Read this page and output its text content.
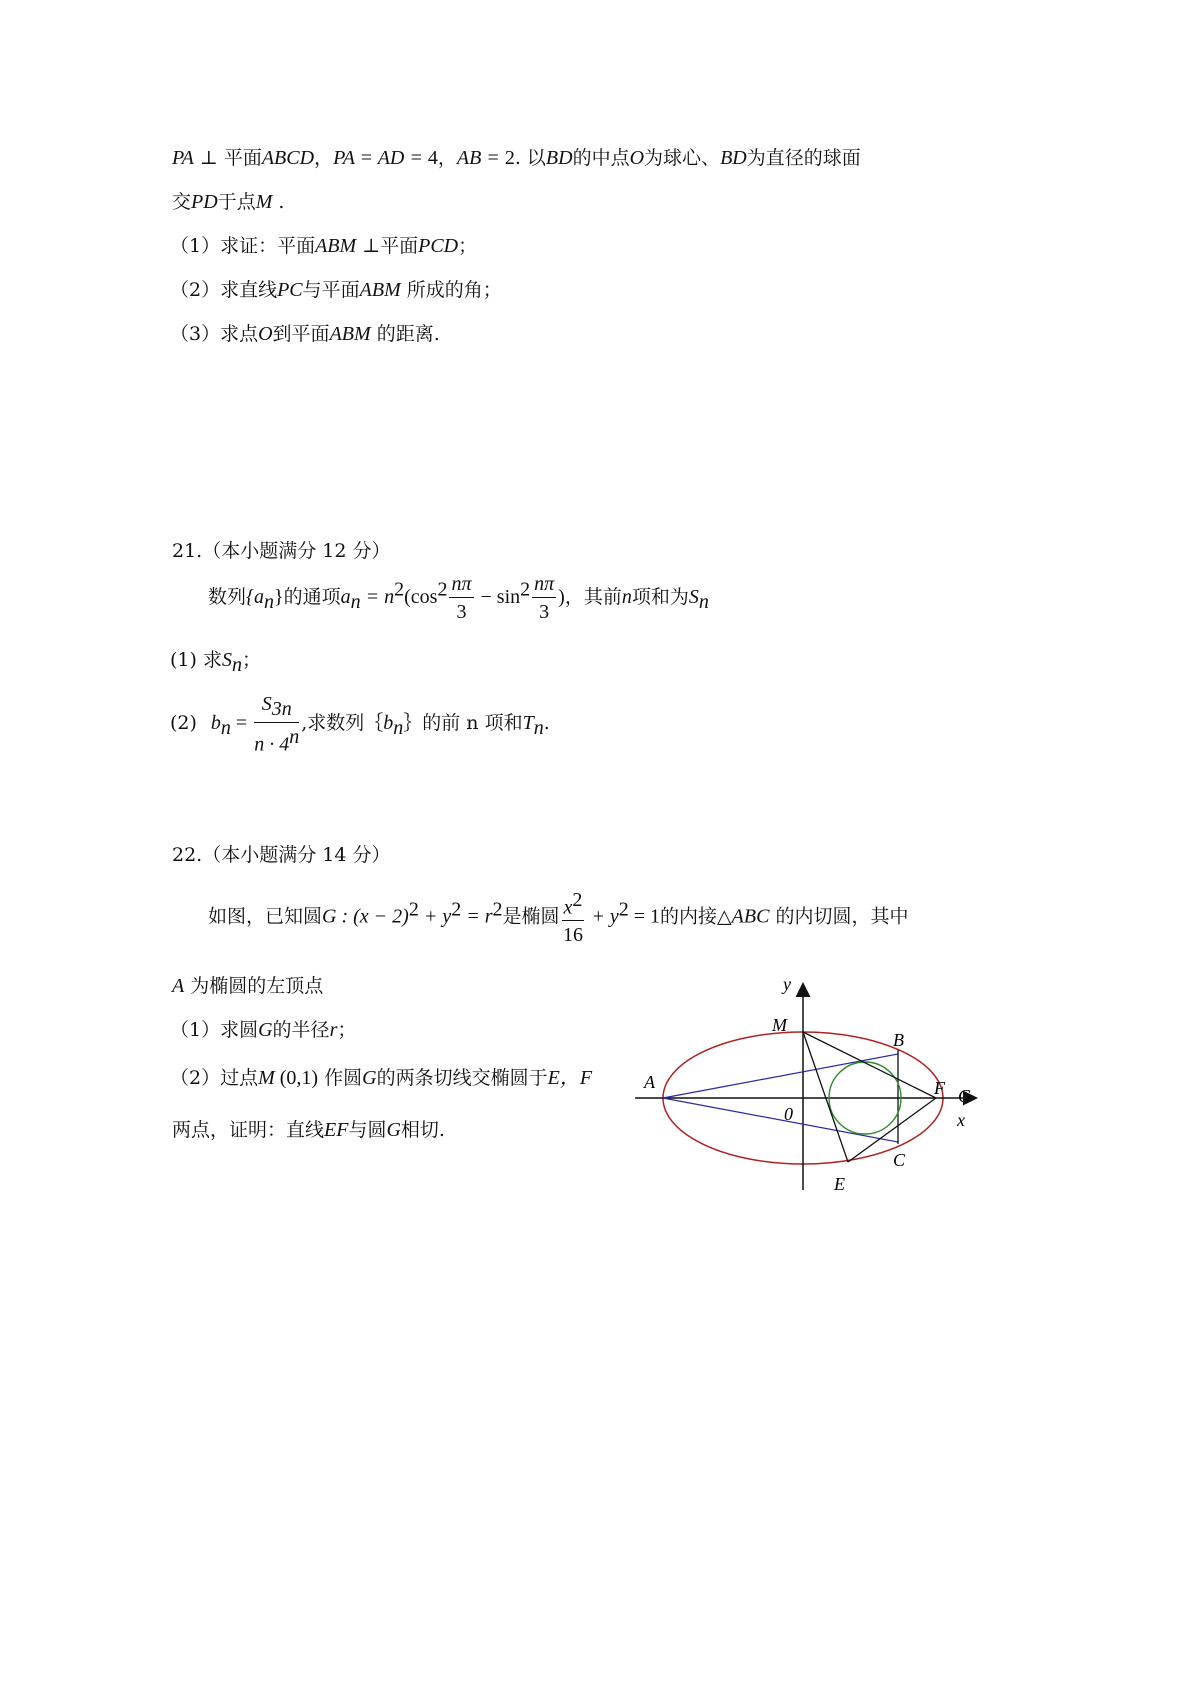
PA ⊥ 平面ABCD，PA = AD = 4，AB = 2. 以BD的中点O为球心、BD为直径的球面
交PD于点M .
（1）求证：平面ABM ⊥平面PCD；
（2）求直线PC与平面ABM 所成的角；
（3）求点O到平面ABM 的距离.
21.（本小题满分 12 分）
数列$\{a_n\}$的通项$a_n = n^2(\cos^2 \frac{n\pi}{3} - \sin^2 \frac{n\pi}{3}$ )，其前n项和为$S_n$
(1) 求$S_n$；
(2) $b_n = \frac{S_{3n}}{n \cdot 4^n}$ ,求数列$\{b_n\}$的前 n 项和$T_n$.
22.（本小题满分 14 分）
如图，已知圆G : $(x - 2)^2 + y^2 = r^2$是椭圆 $\frac{x^2}{16} + y^2 = 1$的内接△ABC 的内切圆，其中
A 为椭圆的左顶点
（1）求圆G的半径r；
（2）过点M (0,1) 作圆G的两条切线交椭圆于E，F
两点，证明：直线EF与圆G相切.
y
M
B
A	F G
0	x
C
E
